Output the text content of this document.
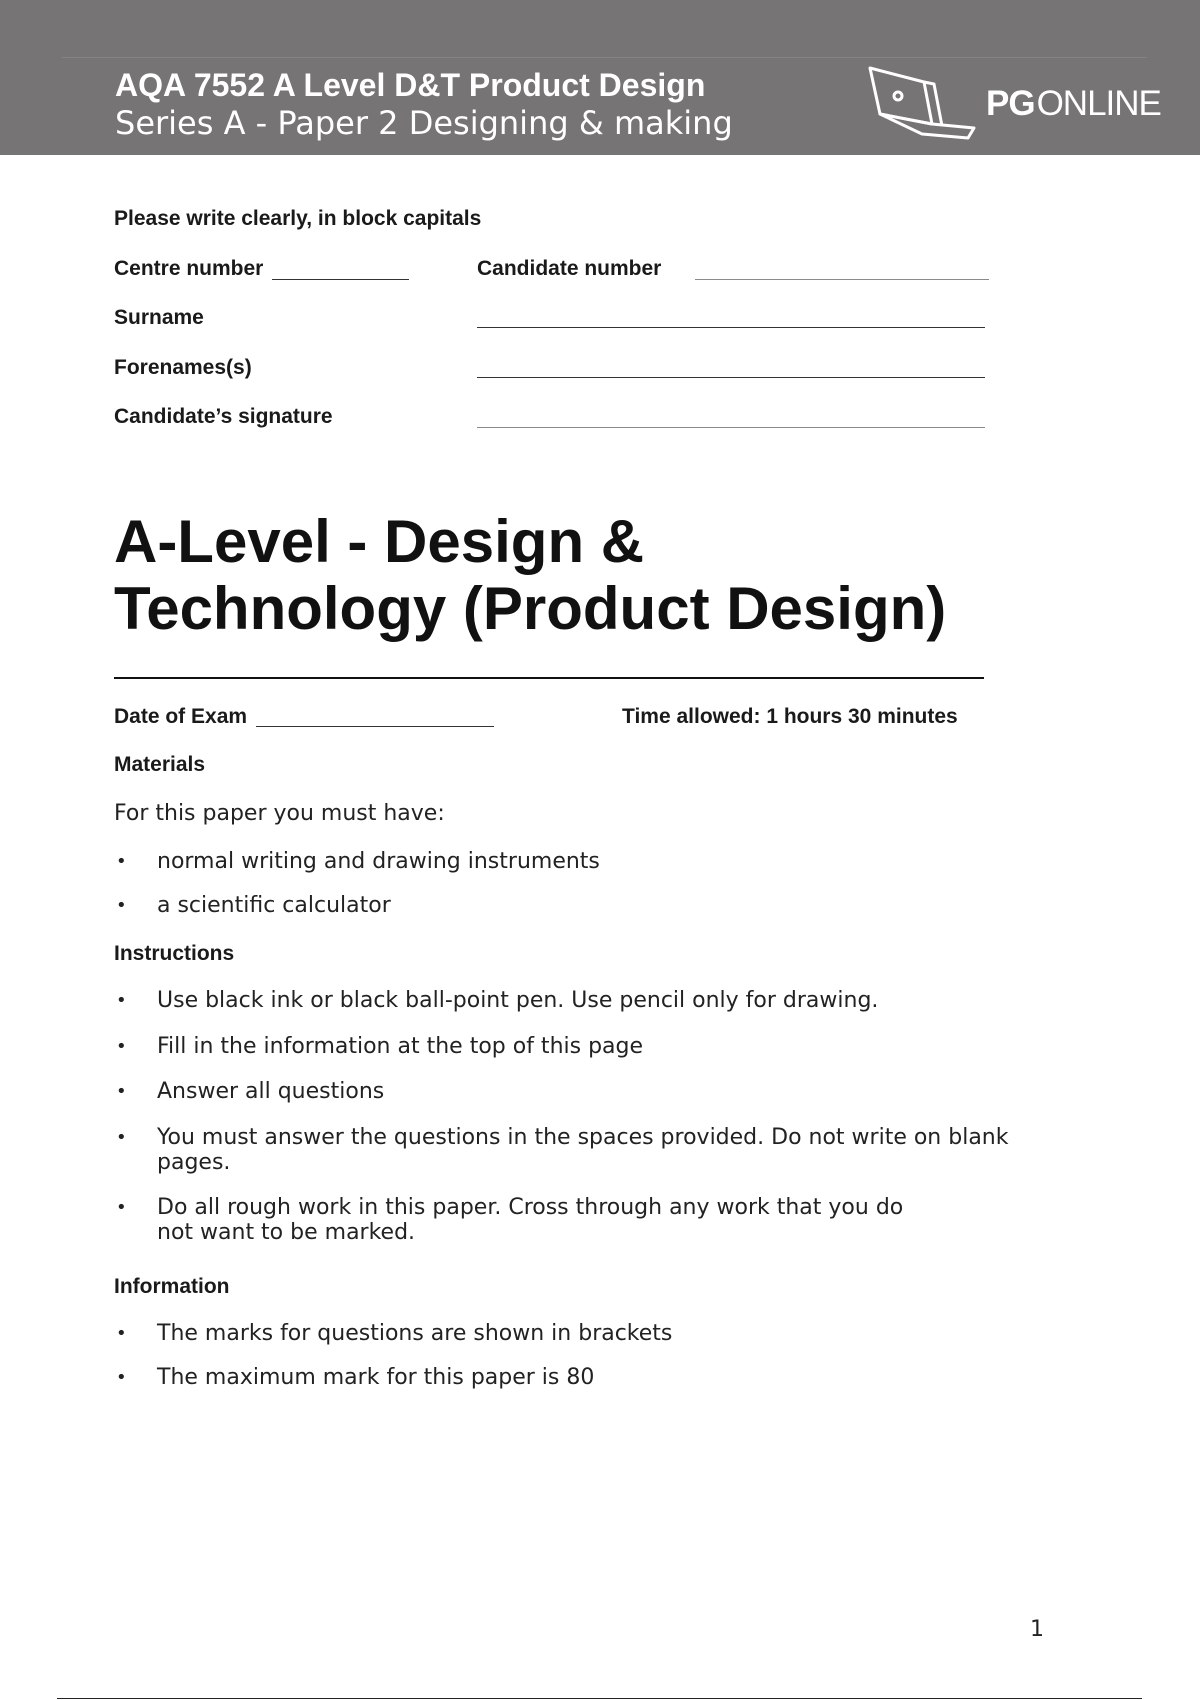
AQA 7552 A Level D&T Product Design
Series A - Paper 2 Designing & making	PGONLINE
Please write clearly, in block capitals
Centre number	Candidate number
Surname
Forenames(s)
Candidate’s signature
A-Level - Design &
Technology (Product Design)
Date of Exam	Time allowed: 1 hours 30 minutes
Materials
For this paper you must have:
• normal writing and drawing instruments
• a scientific calculator
Instructions
• Use black ink or black ball-point pen. Use pencil only for drawing.
• Fill in the information at the top of this page
• Answer all questions
• You must answer the questions in the spaces provided. Do not write on blank pages.
• Do all rough work in this paper. Cross through any work that you do not want to be marked.
Information
• The marks for questions are shown in brackets
• The maximum mark for this paper is 80
1
